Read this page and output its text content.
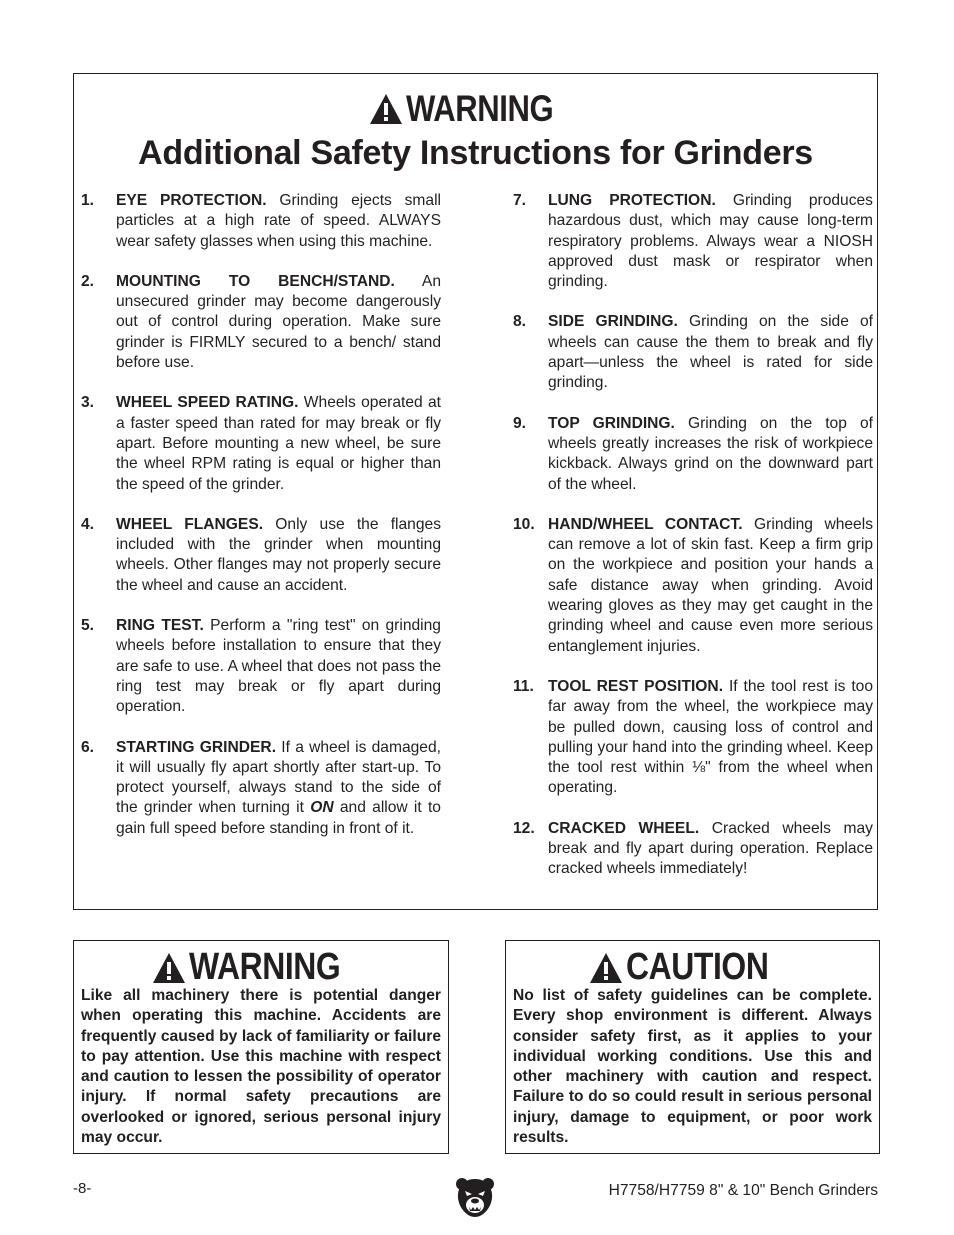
WARNING
Additional Safety Instructions for Grinders
1. EYE PROTECTION. Grinding ejects small particles at a high rate of speed. ALWAYS wear safety glasses when using this machine.
2. MOUNTING TO BENCH/STAND. An unsecured grinder may become dangerously out of control during operation. Make sure grinder is FIRMLY secured to a bench/ stand before use.
3. WHEEL SPEED RATING. Wheels operated at a faster speed than rated for may break or fly apart. Before mounting a new wheel, be sure the wheel RPM rating is equal or higher than the speed of the grinder.
4. WHEEL FLANGES. Only use the flanges included with the grinder when mounting wheels. Other flanges may not properly secure the wheel and cause an accident.
5. RING TEST. Perform a "ring test" on grinding wheels before installation to ensure that they are safe to use. A wheel that does not pass the ring test may break or fly apart during operation.
6. STARTING GRINDER. If a wheel is damaged, it will usually fly apart shortly after start-up. To protect yourself, always stand to the side of the grinder when turning it ON and allow it to gain full speed before standing in front of it.
7. LUNG PROTECTION. Grinding produces hazardous dust, which may cause long-term respiratory problems. Always wear a NIOSH approved dust mask or respirator when grinding.
8. SIDE GRINDING. Grinding on the side of wheels can cause the them to break and fly apart—unless the wheel is rated for side grinding.
9. TOP GRINDING. Grinding on the top of wheels greatly increases the risk of workpiece kickback. Always grind on the downward part of the wheel.
10. HAND/WHEEL CONTACT. Grinding wheels can remove a lot of skin fast. Keep a firm grip on the workpiece and position your hands a safe distance away when grinding. Avoid wearing gloves as they may get caught in the grinding wheel and cause even more serious entanglement injuries.
11. TOOL REST POSITION. If the tool rest is too far away from the wheel, the workpiece may be pulled down, causing loss of control and pulling your hand into the grinding wheel. Keep the tool rest within ⅛" from the wheel when operating.
12. CRACKED WHEEL. Cracked wheels may break and fly apart during operation. Replace cracked wheels immediately!
WARNING
Like all machinery there is potential danger when operating this machine. Accidents are frequently caused by lack of familiarity or failure to pay attention. Use this machine with respect and caution to lessen the possibility of operator injury. If normal safety precautions are overlooked or ignored, serious personal injury may occur.
CAUTION
No list of safety guidelines can be complete. Every shop environment is different. Always consider safety first, as it applies to your individual working conditions. Use this and other machinery with caution and respect. Failure to do so could result in serious personal injury, damage to equipment, or poor work results.
-8-	H7758/H7759 8" & 10" Bench Grinders
